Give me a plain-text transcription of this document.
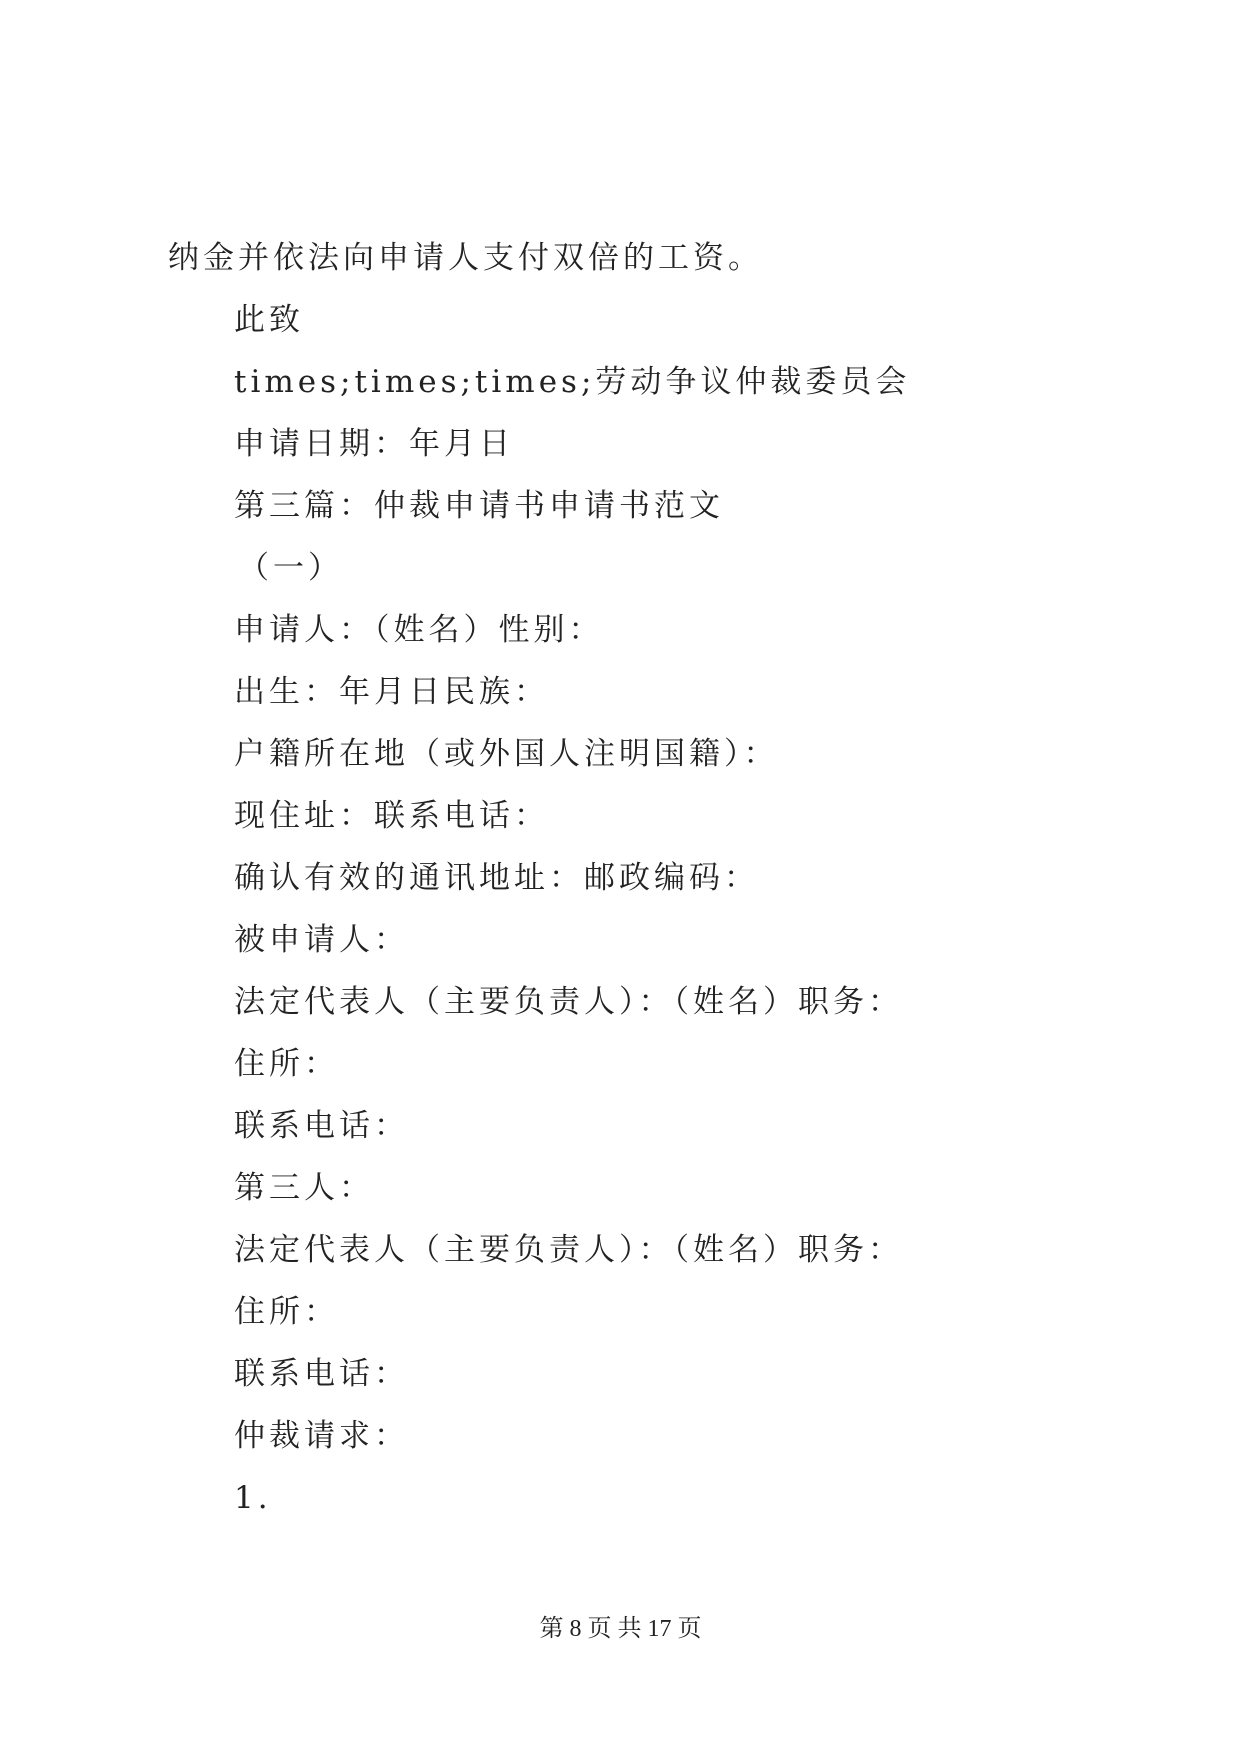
纳金并依法向申请人支付双倍的工资。
此致
times;times;times;劳动争议仲裁委员会
申请日期：年月日
第三篇：仲裁申请书申请书范文
（一）
申请人：（姓名）性别：
出生：年月日民族：
户籍所在地（或外国人注明国籍）：
现住址：联系电话：
确认有效的通讯地址：邮政编码：
被申请人：
法定代表人（主要负责人）：（姓名）职务：
住所：
联系电话：
第三人：
法定代表人（主要负责人）：（姓名）职务：
住所：
联系电话：
仲裁请求：
1.
第 8 页 共 17 页
